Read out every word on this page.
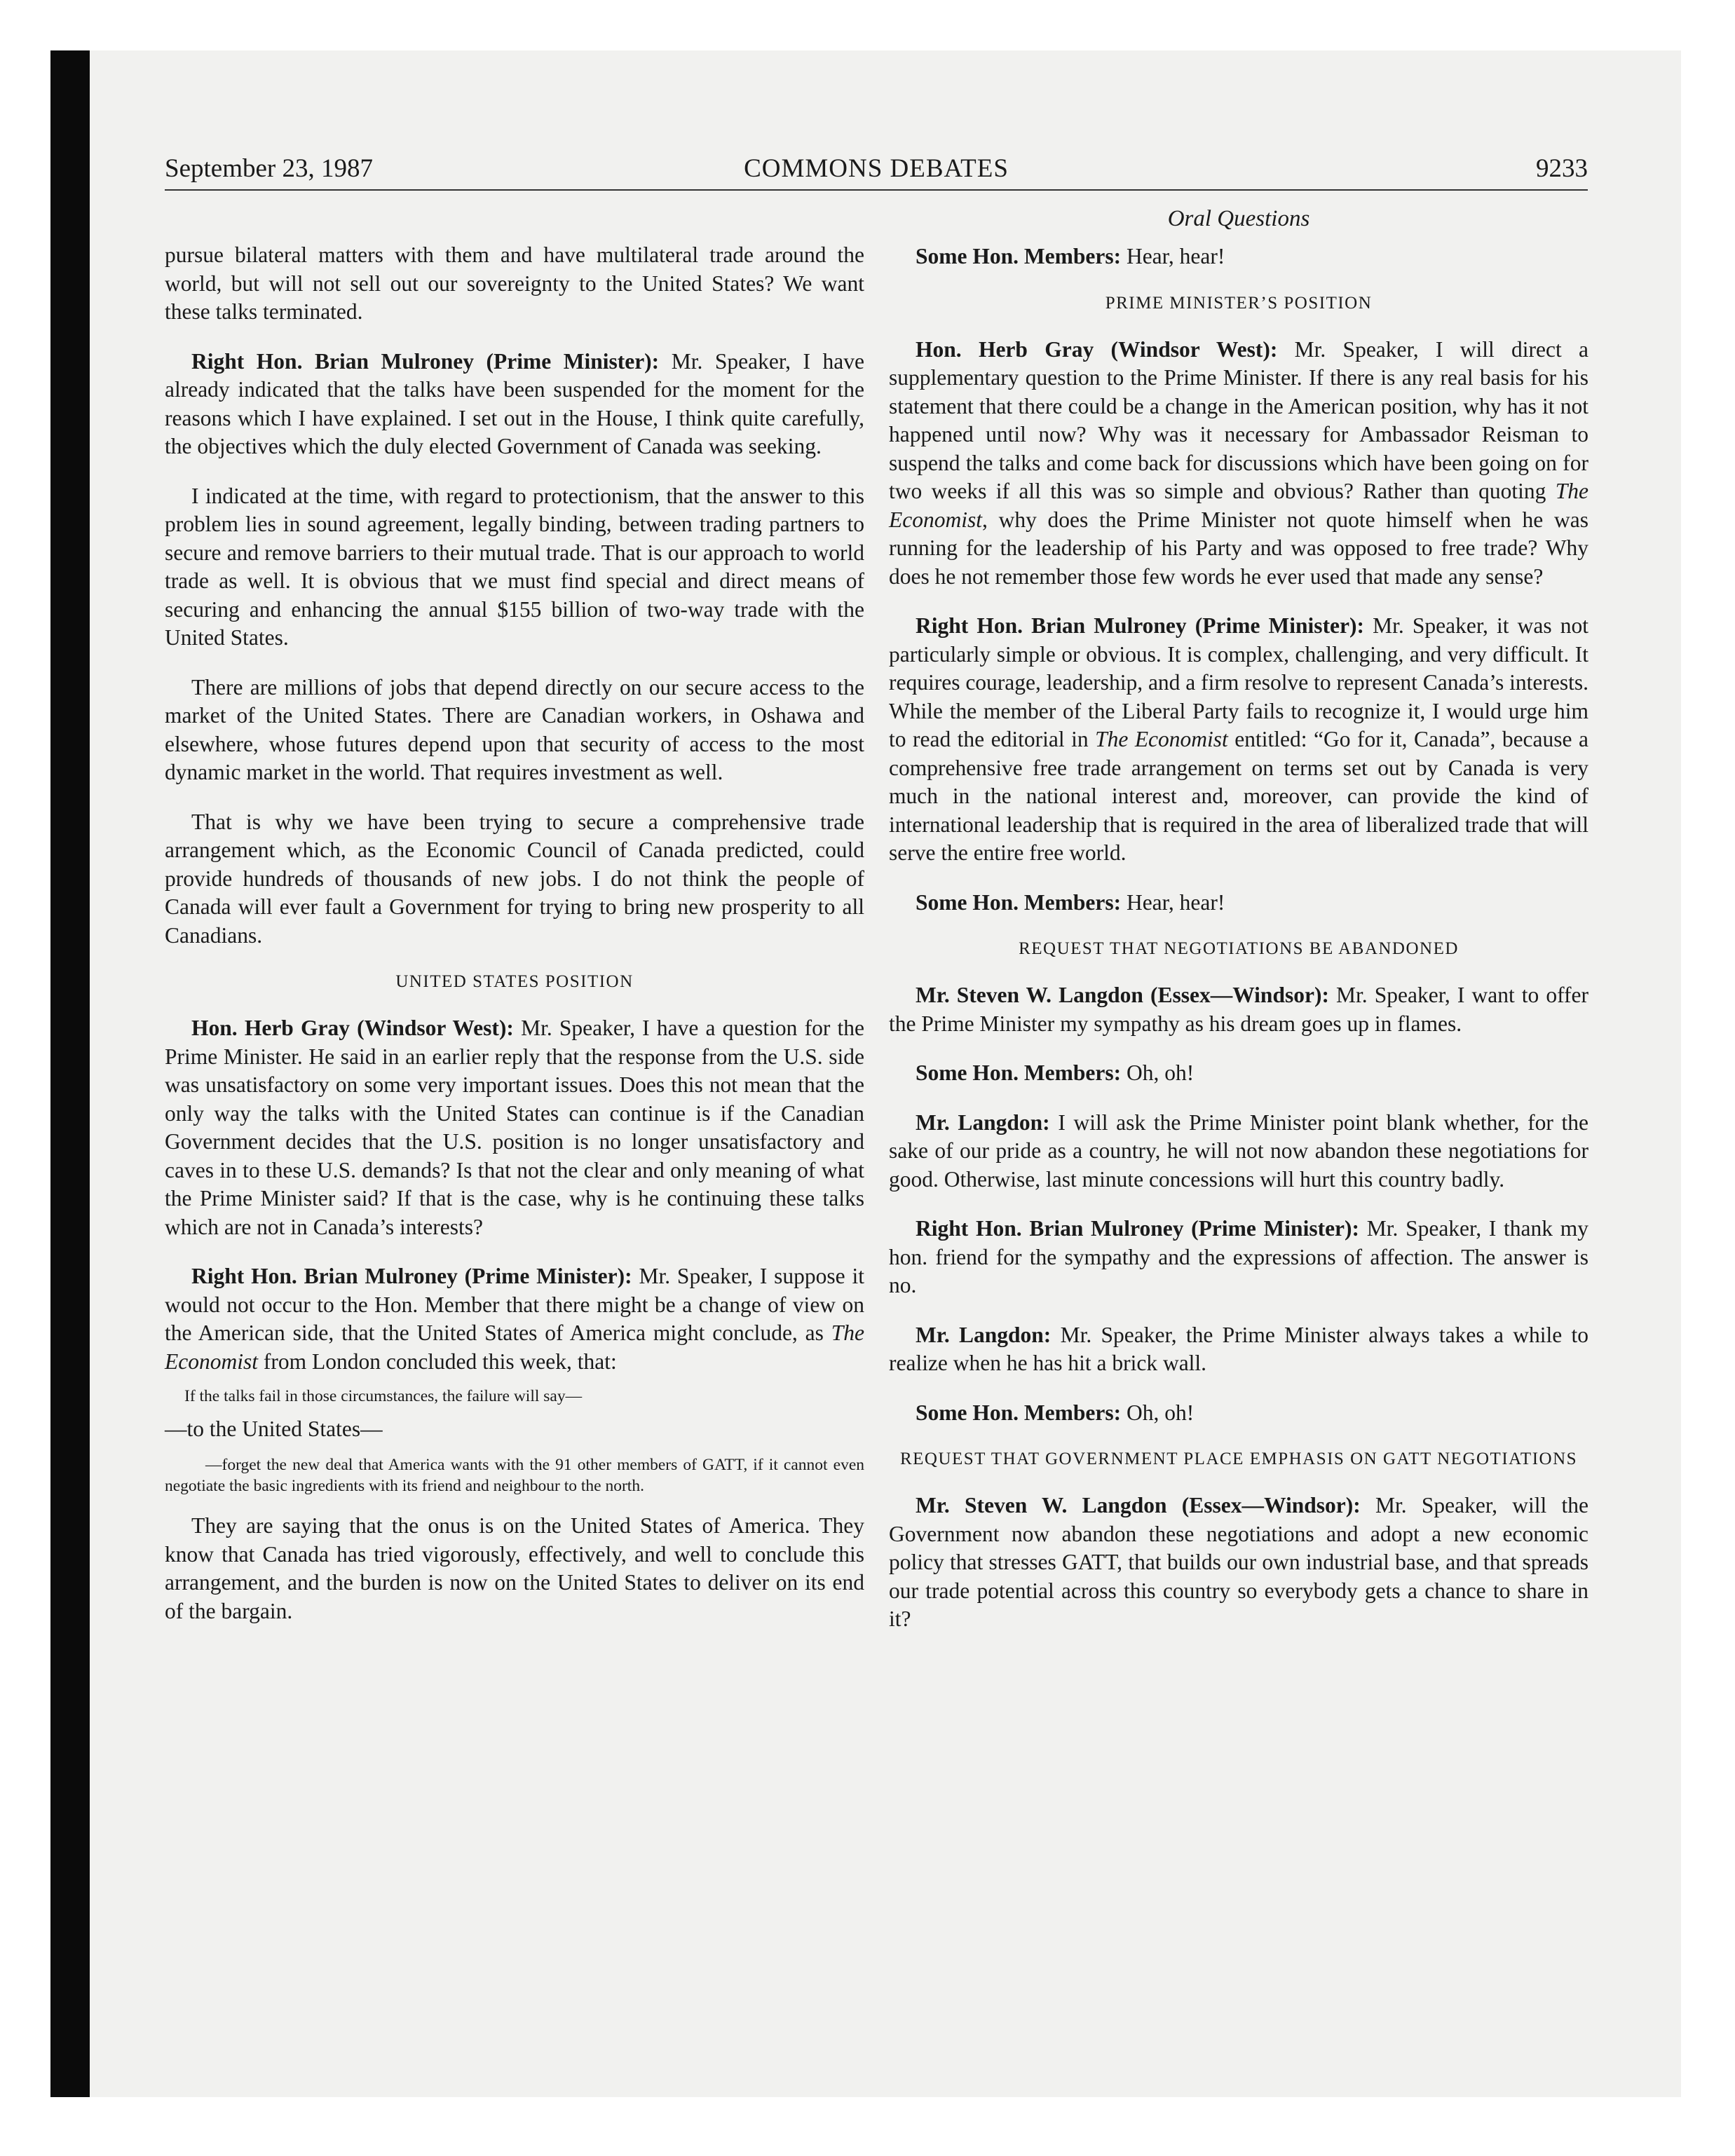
September 23, 1987	COMMONS DEBATES	9233

pursue bilateral matters with them and have multilateral trade around the world, but will not sell out our sovereignty to the United States? We want these talks terminated.

Right Hon. Brian Mulroney (Prime Minister): Mr. Speaker, I have already indicated that the talks have been suspended for the moment for the reasons which I have explained. I set out in the House, I think quite carefully, the objectives which the duly elected Government of Canada was seeking.

I indicated at the time, with regard to protectionism, that the answer to this problem lies in sound agreement, legally binding, between trading partners to secure and remove barriers to their mutual trade. That is our approach to world trade as well. It is obvious that we must find special and direct means of securing and enhancing the annual $155 billion of two-way trade with the United States.

There are millions of jobs that depend directly on our secure access to the market of the United States. There are Canadian workers, in Oshawa and elsewhere, whose futures depend upon that security of access to the most dynamic market in the world. That requires investment as well.

That is why we have been trying to secure a comprehensive trade arrangement which, as the Economic Council of Canada predicted, could provide hundreds of thousands of new jobs. I do not think the people of Canada will ever fault a Government for trying to bring new prosperity to all Canadians.

UNITED STATES POSITION

Hon. Herb Gray (Windsor West): Mr. Speaker, I have a question for the Prime Minister. He said in an earlier reply that the response from the U.S. side was unsatisfactory on some very important issues. Does this not mean that the only way the talks with the United States can continue is if the Canadian Government decides that the U.S. position is no longer unsatisfactory and caves in to these U.S. demands? Is that not the clear and only meaning of what the Prime Minister said? If that is the case, why is he continuing these talks which are not in Canada’s interests?

Right Hon. Brian Mulroney (Prime Minister): Mr. Speaker, I suppose it would not occur to the Hon. Member that there might be a change of view on the American side, that the United States of America might conclude, as The Economist from London concluded this week, that:

If the talks fail in those circumstances, the failure will say—
—to the United States—
—forget the new deal that America wants with the 91 other members of GATT, if it cannot even negotiate the basic ingredients with its friend and neighbour to the north.

They are saying that the onus is on the United States of America. They know that Canada has tried vigorously, effectively, and well to conclude this arrangement, and the burden is now on the United States to deliver on its end of the bargain.

Oral Questions

Some Hon. Members: Hear, hear!

PRIME MINISTER’S POSITION

Hon. Herb Gray (Windsor West): Mr. Speaker, I will direct a supplementary question to the Prime Minister. If there is any real basis for his statement that there could be a change in the American position, why has it not happened until now? Why was it necessary for Ambassador Reisman to suspend the talks and come back for discussions which have been going on for two weeks if all this was so simple and obvious? Rather than quoting The Economist, why does the Prime Minister not quote himself when he was running for the leadership of his Party and was opposed to free trade? Why does he not remember those few words he ever used that made any sense?

Right Hon. Brian Mulroney (Prime Minister): Mr. Speaker, it was not particularly simple or obvious. It is complex, challenging, and very difficult. It requires courage, leadership, and a firm resolve to represent Canada’s interests. While the member of the Liberal Party fails to recognize it, I would urge him to read the editorial in The Economist entitled: “Go for it, Canada”, because a comprehensive free trade arrangement on terms set out by Canada is very much in the national interest and, moreover, can provide the kind of international leadership that is required in the area of liberalized trade that will serve the entire free world.

Some Hon. Members: Hear, hear!

REQUEST THAT NEGOTIATIONS BE ABANDONED

Mr. Steven W. Langdon (Essex—Windsor): Mr. Speaker, I want to offer the Prime Minister my sympathy as his dream goes up in flames.

Some Hon. Members: Oh, oh!

Mr. Langdon: I will ask the Prime Minister point blank whether, for the sake of our pride as a country, he will not now abandon these negotiations for good. Otherwise, last minute concessions will hurt this country badly.

Right Hon. Brian Mulroney (Prime Minister): Mr. Speaker, I thank my hon. friend for the sympathy and the expressions of affection. The answer is no.

Mr. Langdon: Mr. Speaker, the Prime Minister always takes a while to realize when he has hit a brick wall.

Some Hon. Members: Oh, oh!

REQUEST THAT GOVERNMENT PLACE EMPHASIS ON GATT NEGOTIATIONS

Mr. Steven W. Langdon (Essex—Windsor): Mr. Speaker, will the Government now abandon these negotiations and adopt a new economic policy that stresses GATT, that builds our own industrial base, and that spreads our trade potential across this country so everybody gets a chance to share in it?
